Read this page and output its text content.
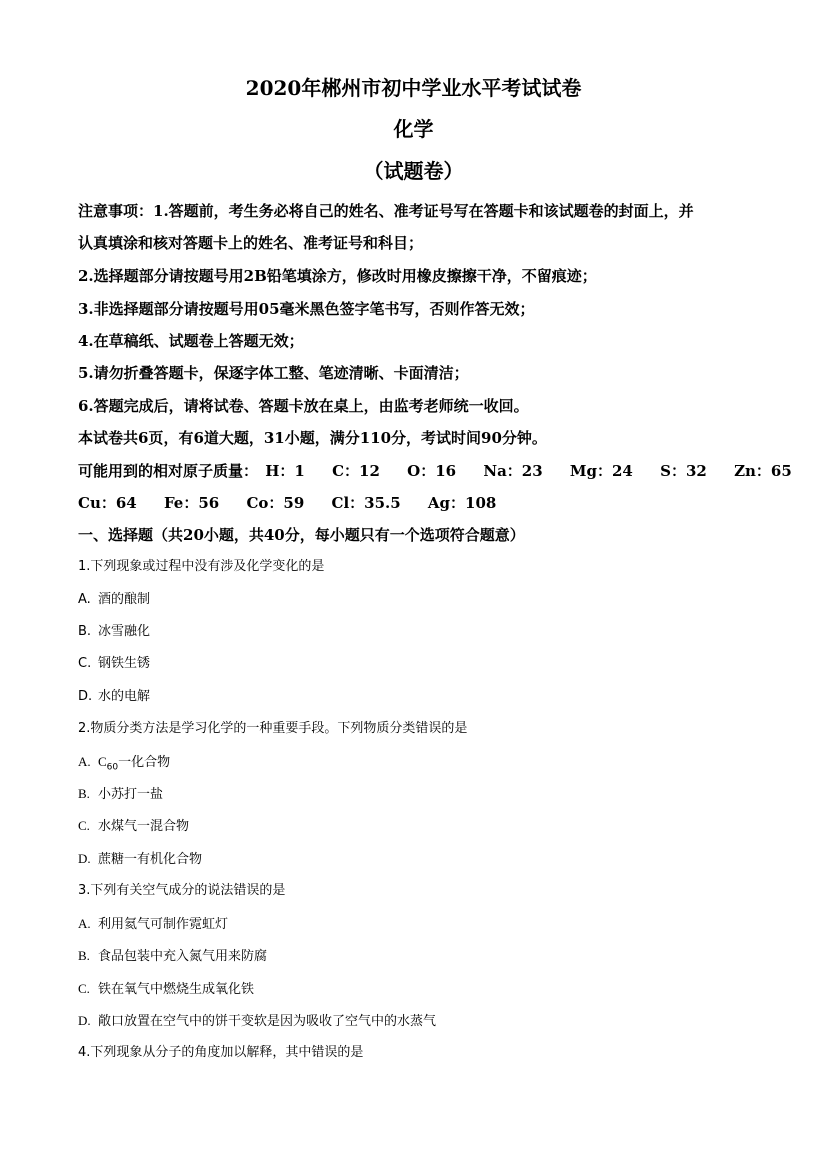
2020年郴州市初中学业水平考试试卷
化学
（试题卷）
注意事项：1.答题前，考生务必将自己的姓名、准考证号写在答题卡和该试题卷的封面上，并
认真填涂和核对答题卡上的姓名、准考证号和科目；
2.选择题部分请按题号用2B铅笔填涂方，修改时用橡皮擦擦干净，不留痕迹；
3.非选择题部分请按题号用05毫米黑色签字笔书写，否则作答无效；
4.在草稿纸、试题卷上答题无效；
5.请勿折叠答题卡，保逐字体工整、笔迹清晰、卡面清洁；
6.答题完成后，请将试卷、答题卡放在桌上，由监考老师统一收回。
本试卷共6页，有6道大题，31小题，满分110分，考试时间90分钟。
可能用到的相对原子质量： H：1 C：12 O：16 Na：23 Mg：24 S：32 Zn：65
Cu：64 Fe：56 Co：59 Cl：35.5 Ag：108
一、选择题（共20小题，共40分，每小题只有一个选项符合题意）
1.下列现象或过程中没有涉及化学变化的是
A. 酒的酿制
B. 冰雪融化
C. 钢铁生锈
D. 水的电解
2.物质分类方法是学习化学的一种重要手段。下列物质分类错误的是
A. $C_{60}$一化合物
B. 小苏打一盐
C. 水煤气一混合物
D. 蔗糖一有机化合物
3.下列有关空气成分的说法错误的是
A. 利用氦气可制作霓虹灯
B. 食品包装中充入氮气用来防腐
C. 铁在氧气中燃烧生成氧化铁
D. 敞口放置在空气中的饼干变软是因为吸收了空气中的水蒸气
4.下列现象从分子的角度加以解释，其中错误的是
